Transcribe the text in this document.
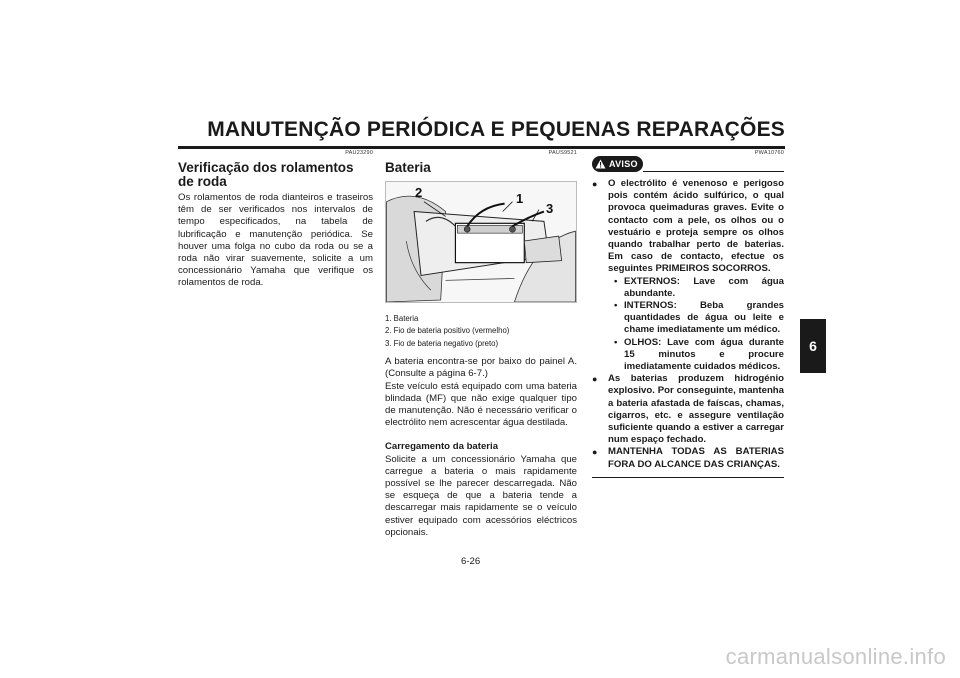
MANUTENÇÃO PERIÓDICA E PEQUENAS REPARAÇÕES
6
PAU23290
Verificação dos rolamentos de roda

Os rolamentos de roda dianteiros e traseiros têm de ser verificados nos intervalos de tempo especificados, na tabela de lubrificação e manutenção periódica. Se houver uma folga no cubo da roda ou se a roda não virar suavemente, solicite a um concessionário Yamaha que verifique os rolamentos de roda.

PAUS9521
Bateria
2	1
3
1. Bateria
2. Fio de bateria positivo (vermelho)
3. Fio de bateria negativo (preto)

A bateria encontra-se por baixo do painel A. (Consulte a página 6-7.)

Este veículo está equipado com uma bateria blindada (MF) que não exige qualquer tipo de manutenção. Não é necessário verificar o electrólito nem acrescentar água destilada.

Carregamento da bateria

Solicite a um concessionário Yamaha que carregue a bateria o mais rapidamente possível se lhe parecer descarregada. Não se esqueça de que a bateria tende a descarregar mais rapidamente se o veículo estiver equipado com acessórios eléctricos opcionais.

PWA10760
AVISO
●	O electrólito é venenoso e perigoso pois contém ácido sulfúrico, o qual provoca queimaduras graves. Evite o contacto com a pele, os olhos ou o vestuário e proteja sempre os olhos quando trabalhar perto de baterias. Em caso de contacto, efectue os seguintes PRIMEIROS SOCORROS.
• EXTERNOS: Lave com água abundante.
• INTERNOS: Beba grandes quantidades de água ou leite e chame imediatamente um médico.
• OLHOS: Lave com água durante 15 minutos e procure imediatamente cuidados médicos.
●	As baterias produzem hidrogénio explosivo. Por conseguinte, mantenha a bateria afastada de faíscas, chamas, cigarros, etc. e assegure ventilação suficiente quando a estiver a carregar num espaço fechado.
●	MANTENHA TODAS AS BATERIAS FORA DO ALCANCE DAS CRIANÇAS.
6-26
carmanualsonline.info
